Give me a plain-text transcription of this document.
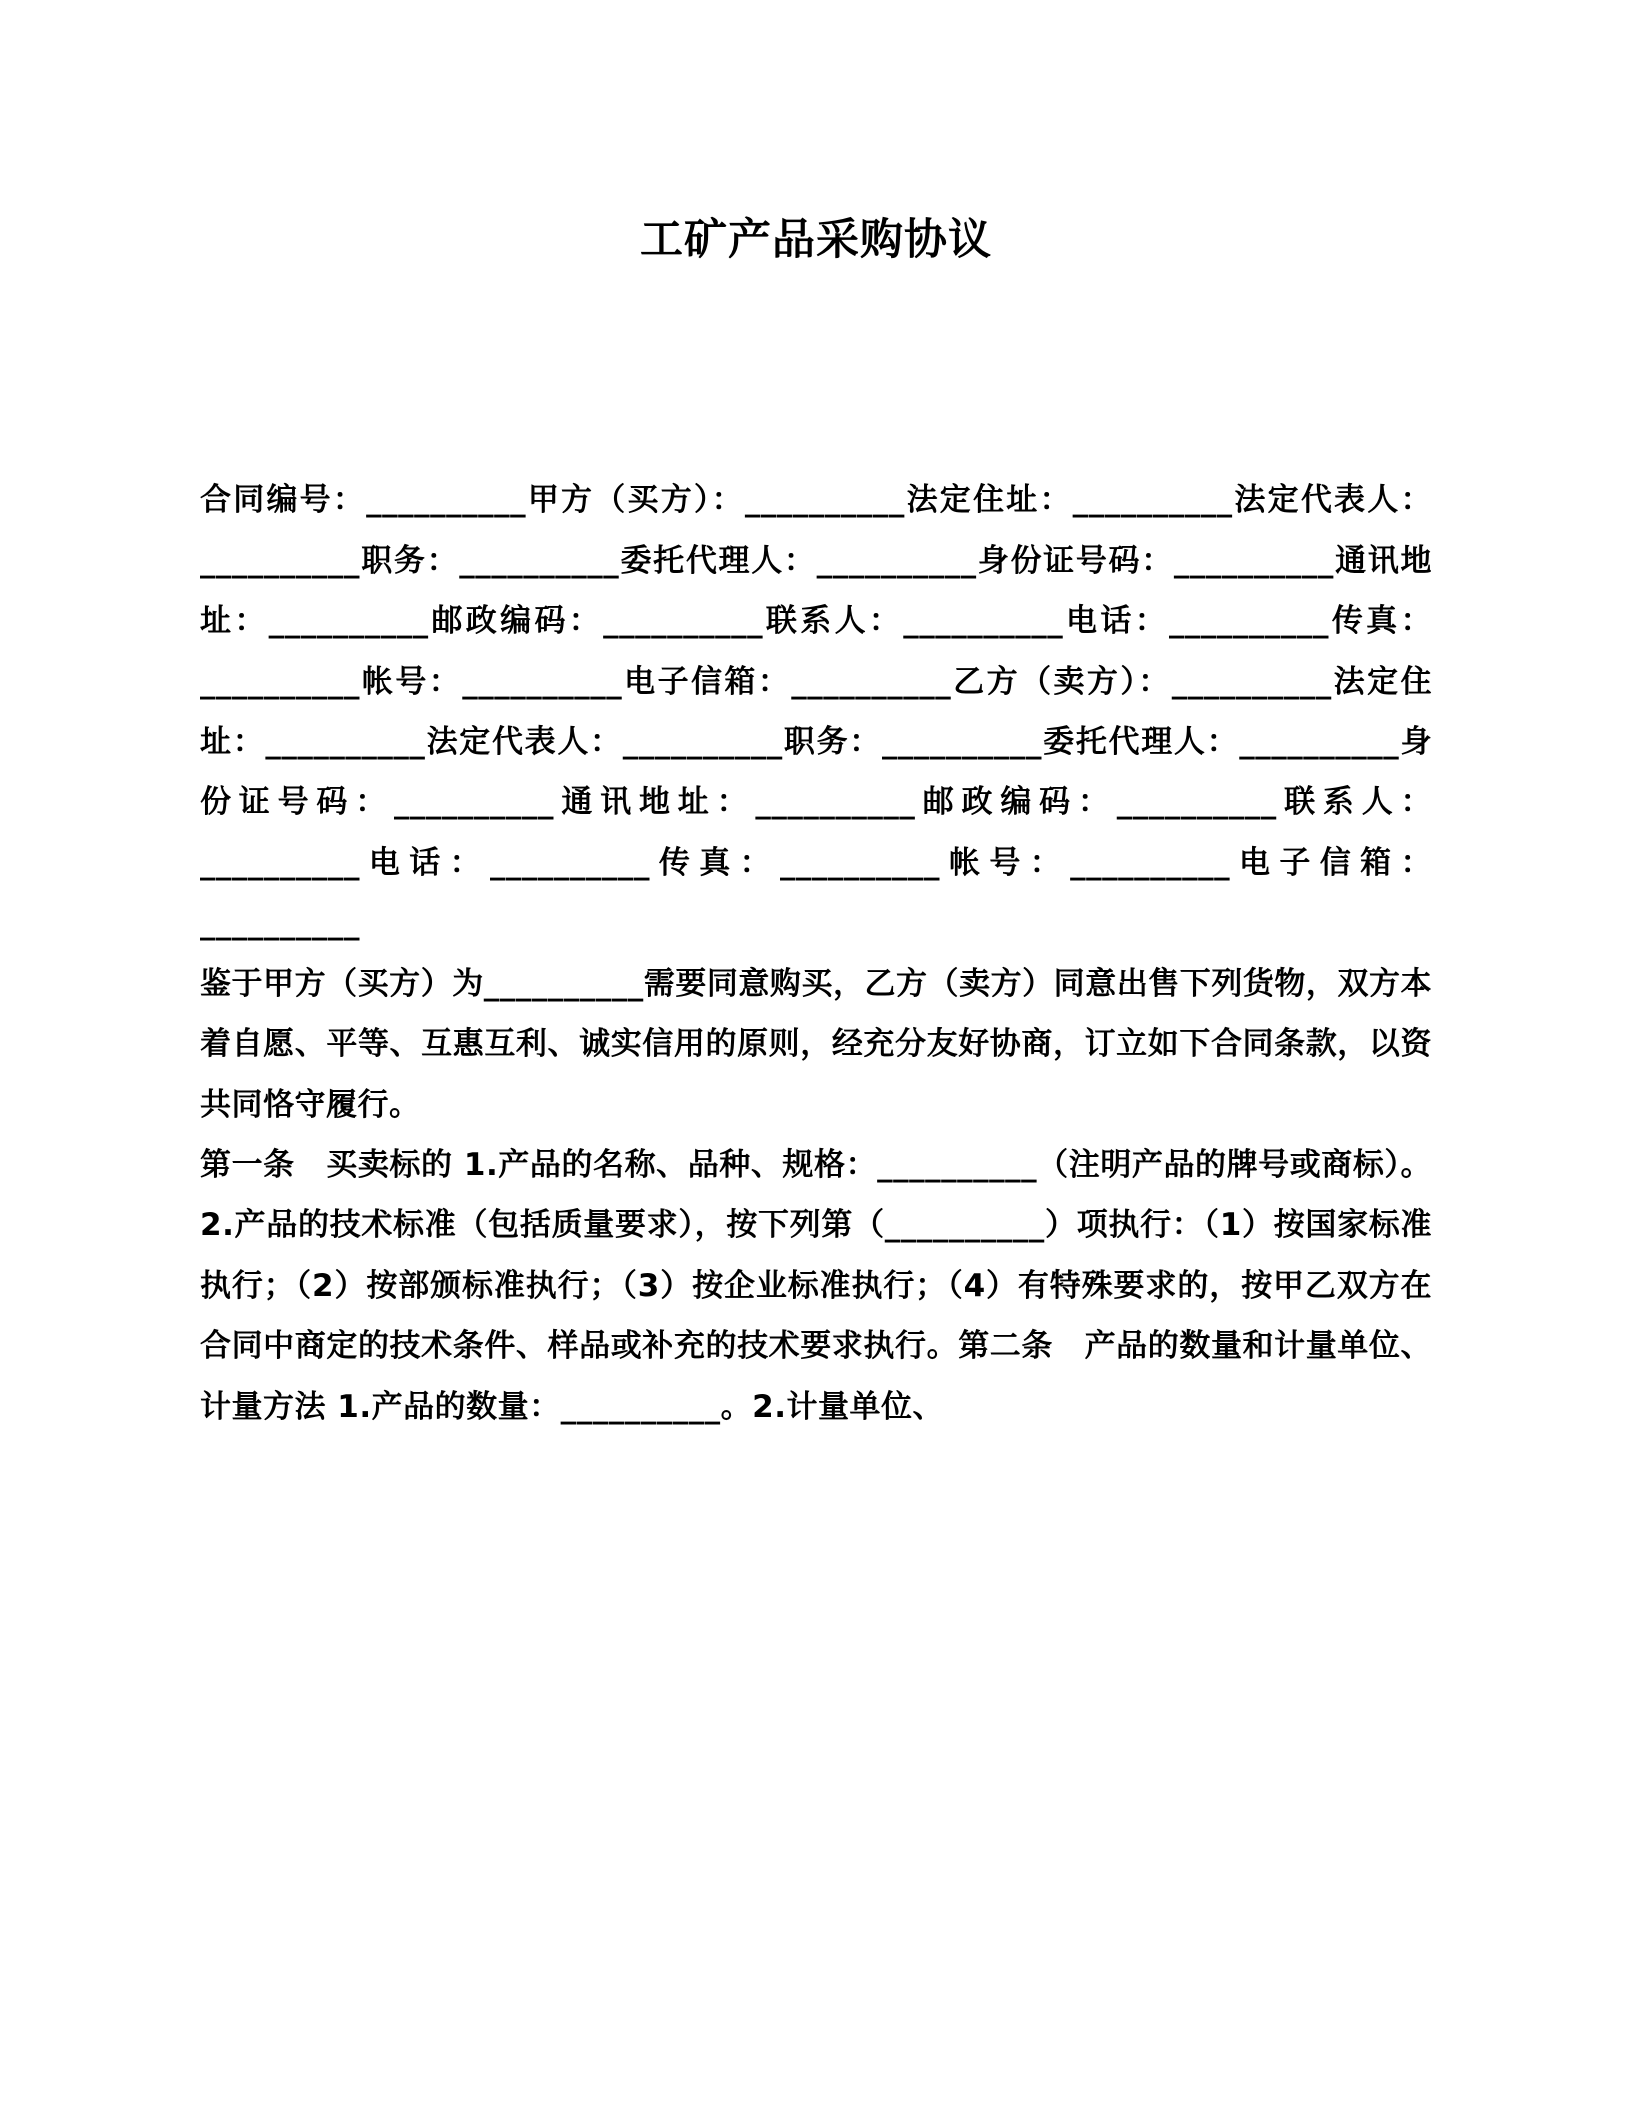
工矿产品采购协议

合同编号：__________甲方（买方）：__________法定住址：__________法定代表人：__________职务：__________委托代理人：__________身份证号码：__________通讯地址：__________邮政编码：__________联系人：__________电话：__________传真：__________帐号：__________电子信箱：__________乙方（卖方）：__________法定住址：__________法定代表人：__________职务：__________委托代理人：__________身份证号码：__________通讯地址：__________邮政编码：__________联系人：__________电话：__________传真：__________帐号：__________电子信箱：__________

鉴于甲方（买方）为__________需要同意购买，乙方（卖方）同意出售下列货物，双方本着自愿、平等、互惠互利、诚实信用的原则，经充分友好协商，订立如下合同条款，以资共同恪守履行。

第一条　买卖标的 1.产品的名称、品种、规格：__________（注明产品的牌号或商标）。2.产品的技术标准（包括质量要求），按下列第（__________）项执行：（1）按国家标准执行；（2）按部颁标准执行；（3）按企业标准执行；（4）有特殊要求的，按甲乙双方在合同中商定的技术条件、样品或补充的技术要求执行。第二条　产品的数量和计量单位、计量方法 1.产品的数量：__________。2.计量单位、
